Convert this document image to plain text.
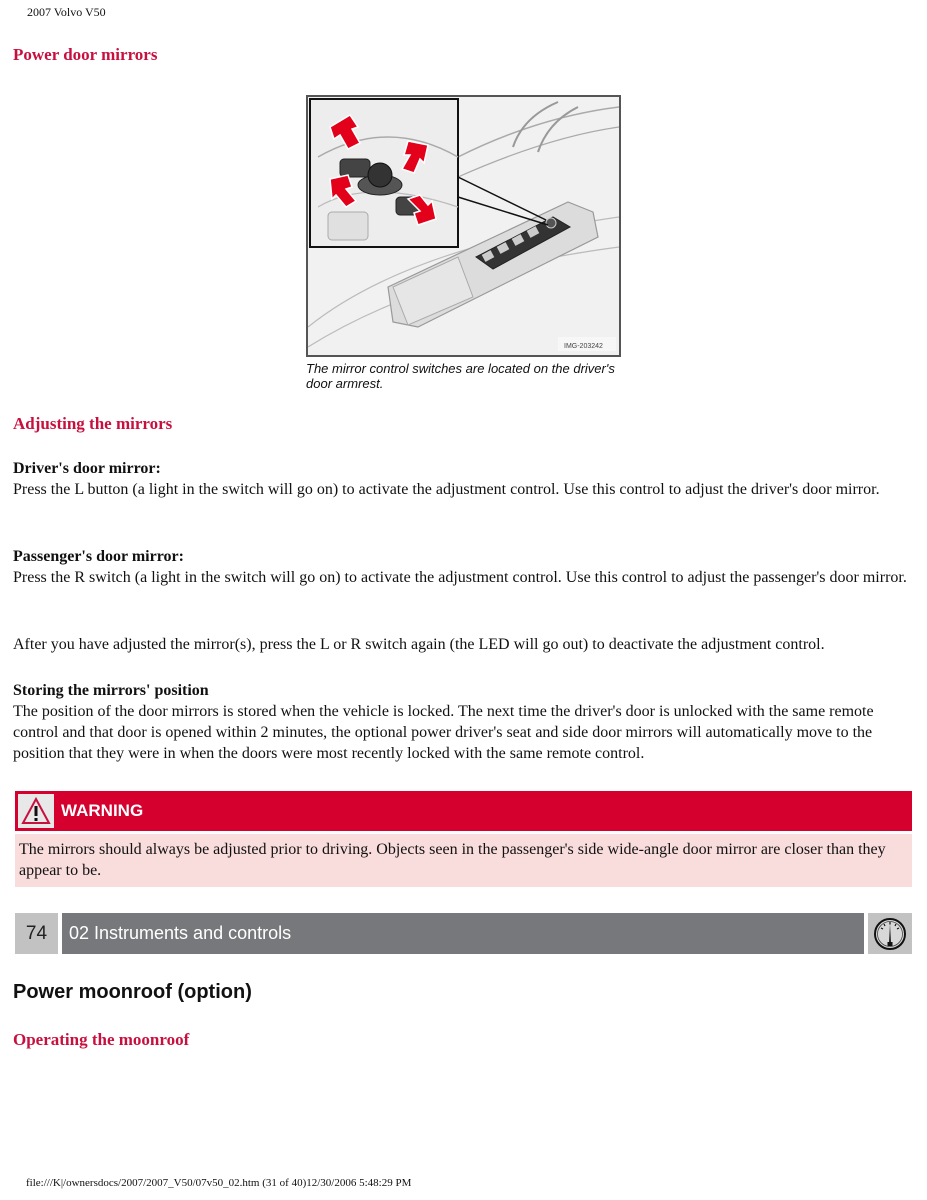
2007 Volvo V50
Power door mirrors
IMG-203242
The mirror control switches are located on the driver's door armrest.
Adjusting the mirrors
Driver's door mirror:
Press the L button (a light in the switch will go on) to activate the adjustment control. Use this control to adjust the driver's door mirror.
Passenger's door mirror:
Press the R switch (a light in the switch will go on) to activate the adjustment control. Use this control to adjust the passenger's door mirror.
After you have adjusted the mirror(s), press the L or R switch again (the LED will go out) to deactivate the adjustment control.
Storing the mirrors' position
The position of the door mirrors is stored when the vehicle is locked. The next time the driver's door is unlocked with the same remote control and that door is opened within 2 minutes, the optional power driver's seat and side door mirrors will automatically move to the position that they were in when the doors were most recently locked with the same remote control.
WARNING
The mirrors should always be adjusted prior to driving. Objects seen in the passenger's side wide-angle door mirror are closer than they appear to be.
74	02 Instruments and controls
Power moonroof (option)
Operating the moonroof
file:///K|/ownersdocs/2007/2007_V50/07v50_02.htm (31 of 40)12/30/2006 5:48:29 PM
